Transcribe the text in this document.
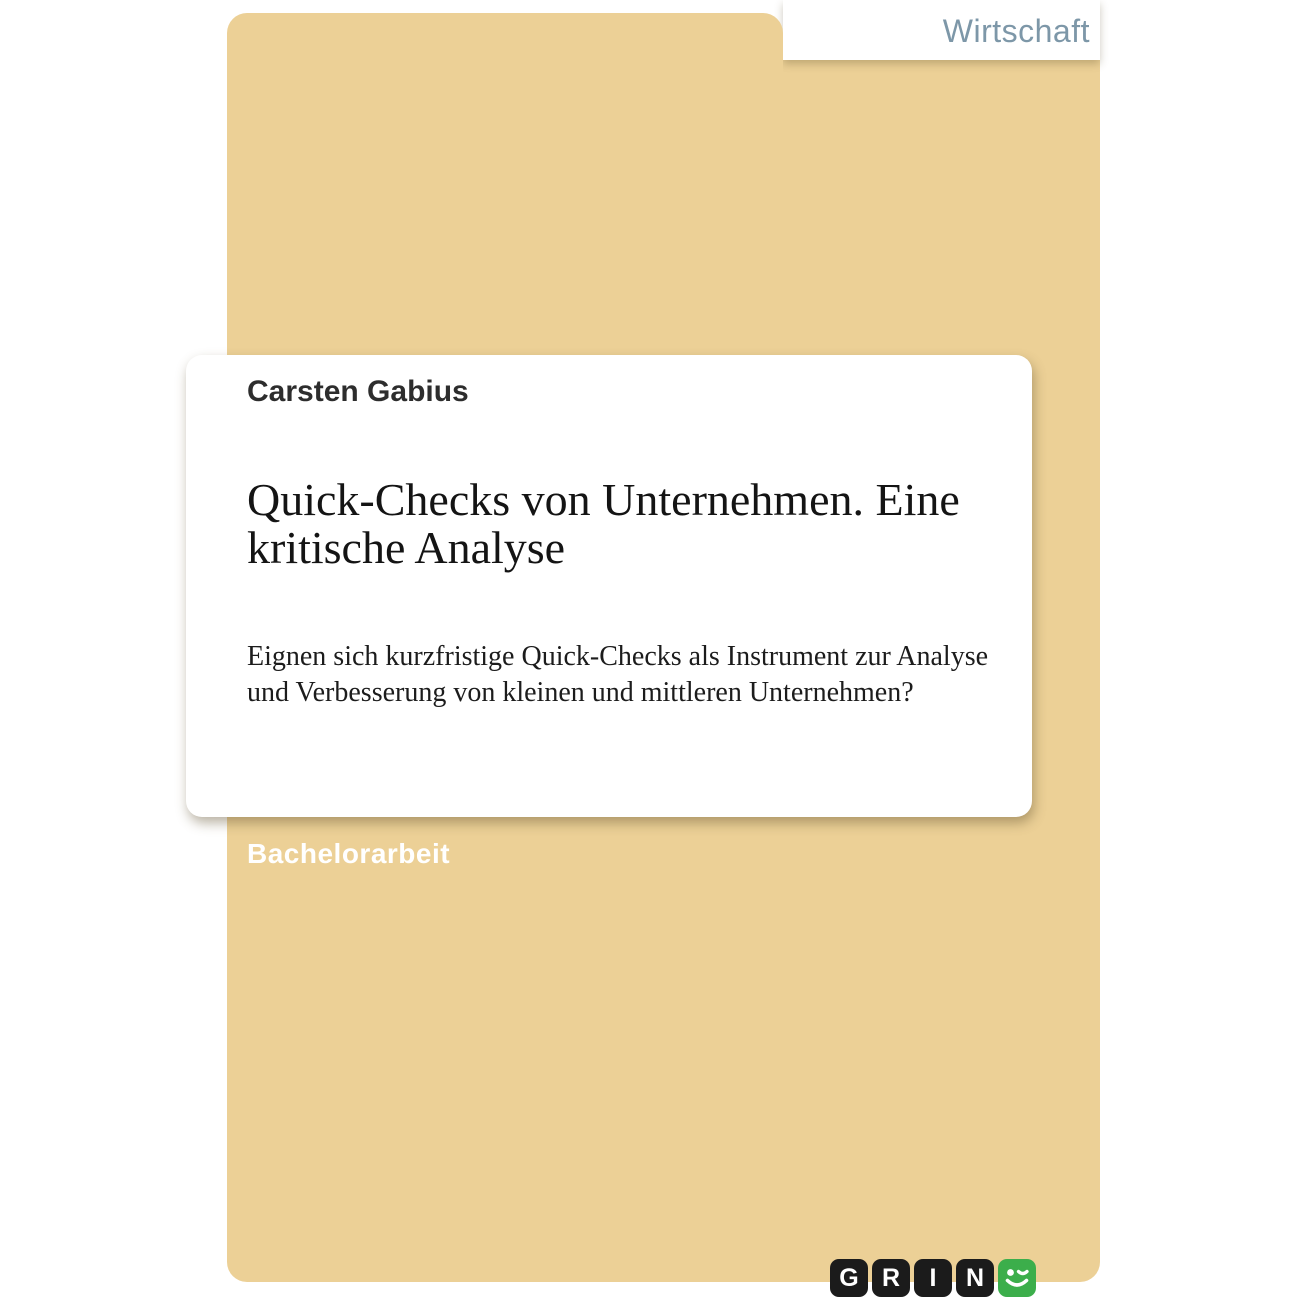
Wirtschaft
Carsten Gabius
Quick-Checks von Unternehmen. Eine
kritische Analyse
Eignen sich kurzfristige Quick-Checks als Instrument zur Analyse
und Verbesserung von kleinen und mittleren Unternehmen?
Bachelorarbeit
G R	I	N
